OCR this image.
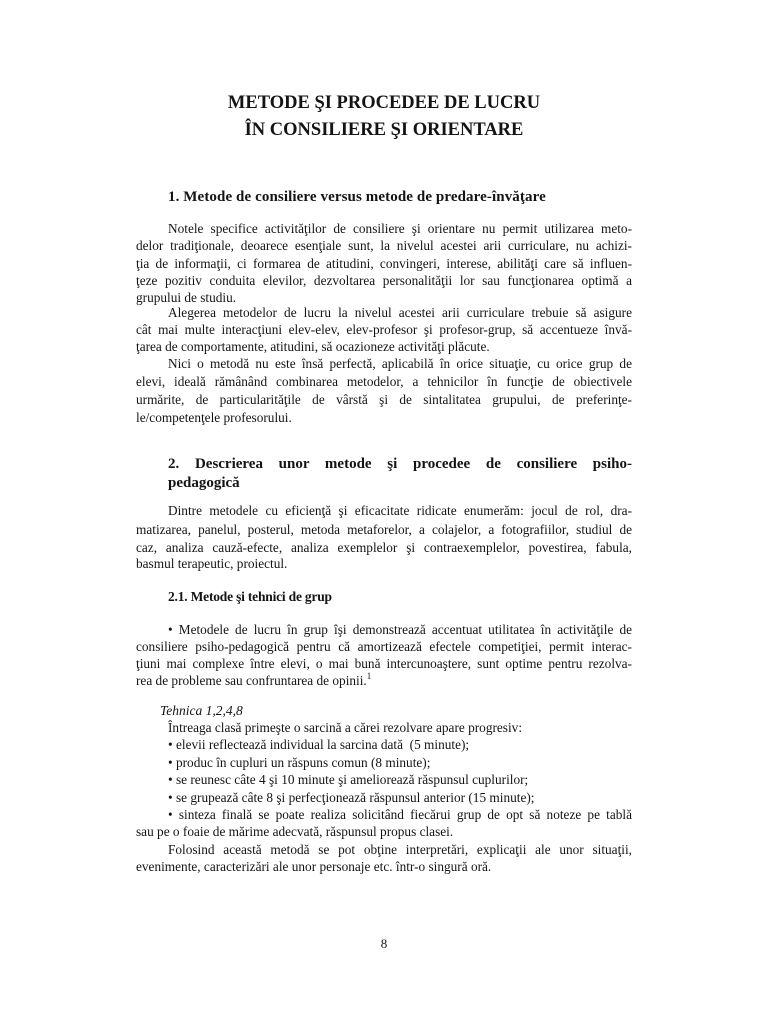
METODE ŞI PROCEDEE DE LUCRU
ÎN CONSILIERE ŞI ORIENTARE
1. Metode de consiliere versus metode de predare-învăţare
Notele specifice activităţilor de consiliere şi orientare nu permit utilizarea meto-
delor tradiţionale, deoarece esenţiale sunt, la nivelul acestei arii curriculare, nu achizi-
ţia de informaţii, ci formarea de atitudini, convingeri, interese, abilităţi care să influen-
ţeze pozitiv conduita elevilor, dezvoltarea personalităţii lor sau funcţionarea optimă a
grupului de studiu.
Alegerea metodelor de lucru la nivelul acestei arii curriculare trebuie să asigure
cât mai multe interacţiuni elev-elev, elev-profesor şi profesor-grup, să accentueze învă-
ţarea de comportamente, atitudini, să ocazioneze activităţi plăcute.
Nici o metodă nu este însă perfectă, aplicabilă în orice situaţie, cu orice grup de
elevi, ideală rămânând combinarea metodelor, a tehnicilor în funcţie de obiectivele
urmărite, de particularităţile de vârstă şi de sintalitatea grupului, de preferinţe-
le/competenţele profesorului.
2. Descrierea unor metode şi procedee de consiliere psiho-
pedagogică
Dintre metodele cu eficienţă şi eficacitate ridicate enumerăm: jocul de rol, dra-
matizarea, panelul, posterul, metoda metaforelor, a colajelor, a fotografiilor, studiul de
caz, analiza cauză-efecte, analiza exemplelor şi contraexemplelor, povestirea, fabula,
basmul terapeutic, proiectul.
2.1. Metode şi tehnici de grup
• Metodele de lucru în grup îşi demonstrează accentuat utilitatea în activităţile de
consiliere psiho-pedagogică pentru că amortizează efectele competiţiei, permit interac-
ţiuni mai complexe între elevi, o mai bună intercunoaştere, sunt optime pentru rezolva-
rea de probleme sau confruntarea de opinii.$^1$
Tehnica 1,2,4,8
Întreaga clasă primeşte o sarcină a cărei rezolvare apare progresiv:
• elevii reflectează individual la sarcina dată  (5 minute);
• produc în cupluri un răspuns comun (8 minute);
• se reunesc câte 4 şi 10 minute şi ameliorează răspunsul cuplurilor;
• se grupează câte 8 şi perfecţionează răspunsul anterior (15 minute);
• sinteza finală se poate realiza solicitând fiecărui grup de opt să noteze pe tablă
sau pe o foaie de mărime adecvată, răspunsul propus clasei.
Folosind această metodă se pot obţine interpretări, explicaţii ale unor situaţii,
evenimente, caracterizări ale unor personaje etc. într-o singură oră.
8
